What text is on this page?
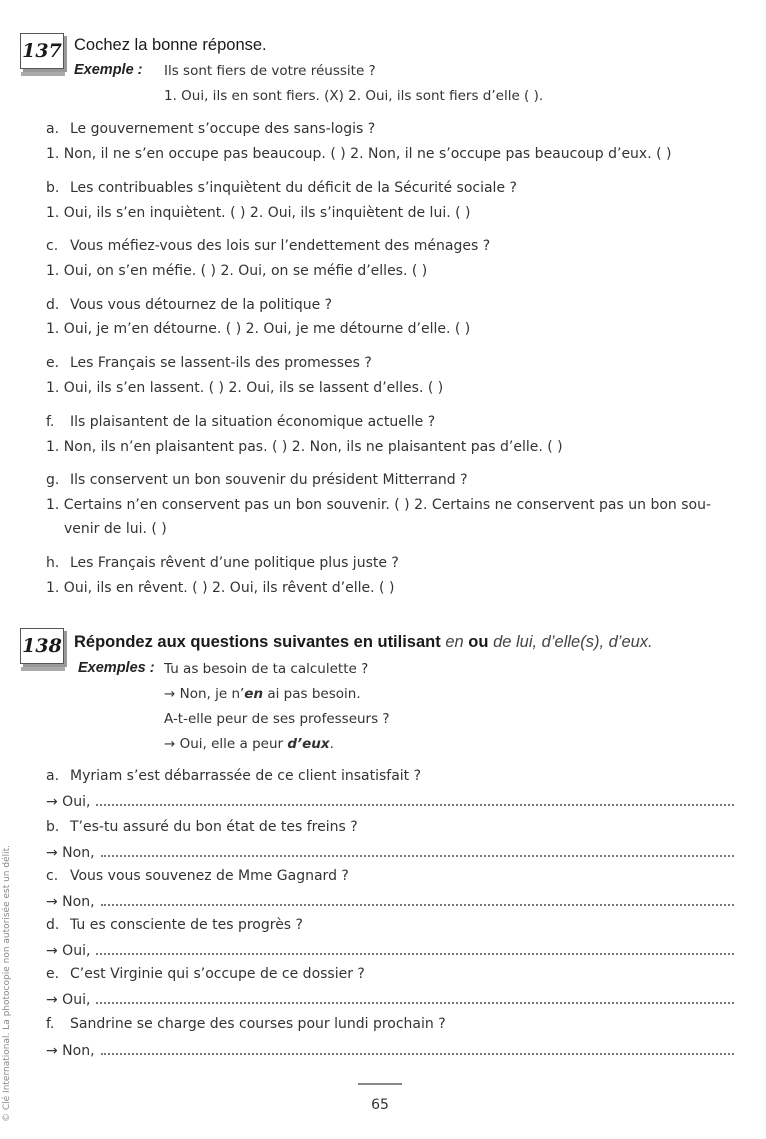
137 Cochez la bonne réponse.
Exemple : Ils sont fiers de votre réussite ?
1. Oui, ils en sont fiers. (X) 2. Oui, ils sont fiers d’elle ( ).
a. Le gouvernement s’occupe des sans-logis ?
1. Non, il ne s’en occupe pas beaucoup. ( ) 2. Non, il ne s’occupe pas beaucoup d’eux. ( )
b. Les contribuables s’inquiètent du déficit de la Sécurité sociale ?
1. Oui, ils s’en inquiètent. ( ) 2. Oui, ils s’inquiètent de lui. ( )
c. Vous méfiez-vous des lois sur l’endettement des ménages ?
1. Oui, on s’en méfie. ( ) 2. Oui, on se méfie d’elles. ( )
d. Vous vous détournez de la politique ?
1. Oui, je m’en détourne. ( ) 2. Oui, je me détourne d’elle. ( )
e. Les Français se lassent-ils des promesses ?
1. Oui, ils s’en lassent. ( ) 2. Oui, ils se lassent d’elles. ( )
f. Ils plaisantent de la situation économique actuelle ?
1. Non, ils n’en plaisantent pas. ( ) 2. Non, ils ne plaisantent pas d’elle. ( )
g. Ils conservent un bon souvenir du président Mitterrand ?
1. Certains n’en conservent pas un bon souvenir. ( ) 2. Certains ne conservent pas un bon sou-
venir de lui. ( )
h. Les Français rêvent d’une politique plus juste ?
1. Oui, ils en rêvent. ( ) 2. Oui, ils rêvent d’elle. ( )
138 Répondez aux questions suivantes en utilisant en ou de lui, d’elle(s), d’eux.
Exemples : Tu as besoin de ta calculette ?
→ Non, je n’en ai pas besoin.
A-t-elle peur de ses professeurs ?
→ Oui, elle a peur d’eux.
a. Myriam s’est débarrassée de ce client insatisfait ?
→ Oui,
b. T’es-tu assuré du bon état de tes freins ?
→ Non,
c. Vous vous souvenez de Mme Gagnard ?
→ Non,
d. Tu es consciente de tes progrès ?
→ Oui,
e. C’est Virginie qui s’occupe de ce dossier ?
→ Oui,
f. Sandrine se charge des courses pour lundi prochain ?
→ Non,
© Clé International. La photocopie non autorisée est un délit.	65
